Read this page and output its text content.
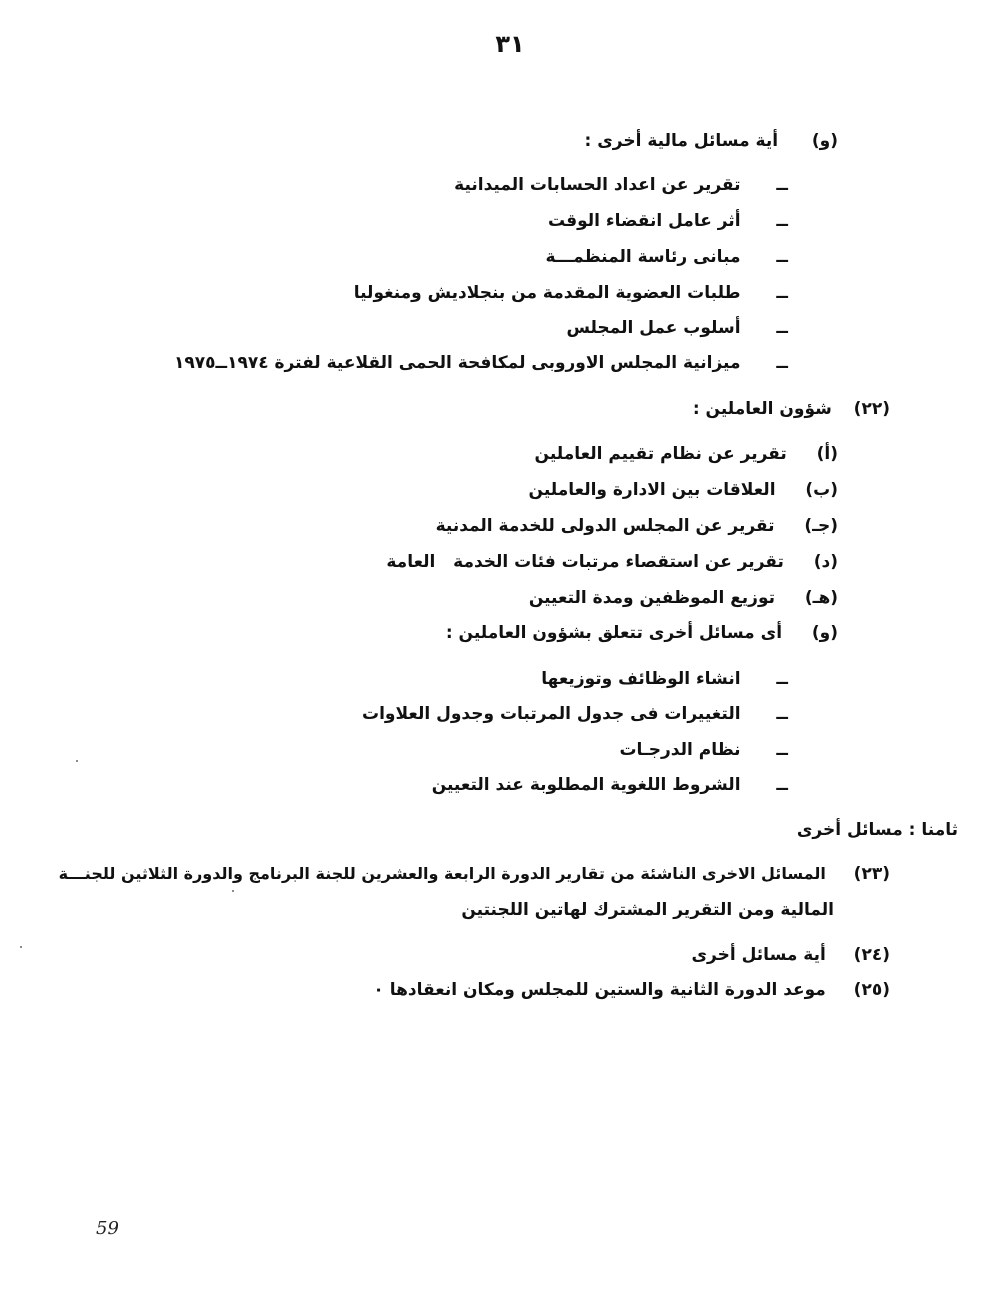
٣١
(و)  أية مسائل مالية أخرى :
ــ  تقرير عن اعداد الحسابات الميدانية
ــ  أثر عامل انقضاء الوقت
ــ  مبانى رئاسة المنظمـــة
ــ  طلبات العضوية المقدمة من بنجلاديش ومنغوليا
ــ  أسلوب عمل المجلس
ــ  ميزانية المجلس الاوروبى لمكافحة الحمى القلاعية لفترة ١٩٧٤ــ١٩٧٥
(٢٢)  شؤون العاملين :
(أ)  تقرير عن نظام تقييم العاملين
(ب)  العلاقات بين الادارة والعاملين
(جـ)  تقرير عن المجلس الدولى للخدمة المدنية
(د)  تقرير عن استقصاء مرتبات فئات الخدمة   العامة
(هـ)  توزيع الموظفين ومدة التعيين
(و)  أى مسائل أخرى تتعلق بشؤون العاملين :
ــ  انشاء الوظائف وتوزيعها
ــ  التغييرات فى جدول المرتبات وجدول العلاوات
ــ  نظام الدرجـات
ــ  الشروط اللغوية المطلوبة عند التعيين
ثامنا : مسائل أخرى
(٢٣)  المسائل الاخرى الناشئة من تقارير الدورة الرابعة والعشرين للجنة البرنامج والدورة الثلاثين للجنـــة
المالية ومن التقرير المشترك لهاتين اللجنتين
(٢٤)  أية مسائل أخرى
(٢٥)  موعد الدورة الثانية والستين للمجلس ومكان انعقادها ٠
59
